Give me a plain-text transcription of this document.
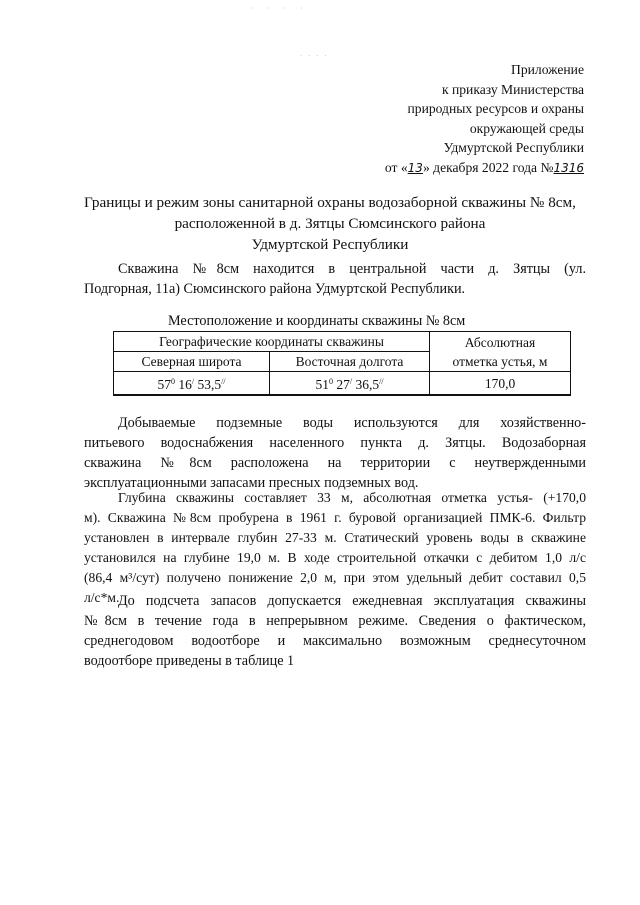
· · · ·
· · · ·
Приложение
к приказу Министерства
природных ресурсов и охраны
окружающей среды
Удмуртской Республики
от «13» декабря 2022 года №1316
Границы и режим зоны санитарной охраны водозаборной скважины № 8см,
расположенной в д. Зятцы Сюмсинского района
Удмуртской Республики
Скважина №8см находится в центральной части д. Зятцы (ул.
Подгорная, 11а) Сюмсинского района Удмуртской Республики.
Местоположение и координаты скважины № 8см
Географические координаты скважины		Абсолютная
отметка устья, м
Северная широта	Восточная долгота	
$57^0$ 16/ 53,5//	$51^0$ 27/ 36,5//	170,0
Добываемые подземные воды используются для хозяйственно-
питьевого водоснабжения населенного пункта д. Зятцы. Водозаборная
скважина №8см расположена на территории с неутвержденными
эксплуатационными запасами пресных подземных вод.
Глубина скважины составляет 33 м, абсолютная отметка устья- (+170,0
м). Скважина №8см пробурена в 1961 г. буровой организацией ПМК-6. Фильтр
установлен в интервале глубин 27-33 м. Статический уровень воды в скважине
установился на глубине 19,0 м. В ходе строительной откачки с дебитом 1,0 л/с
(86,4 м³/сут) получено понижение 2,0 м, при этом удельный дебит составил 0,5
л/с*м.
До подсчета запасов допускается ежедневная эксплуатация скважины
№8см в течение года в непрерывном режиме. Сведения о фактическом,
среднегодовом водоотборе и максимально возможным среднесуточном
водоотборе приведены в таблице 1
